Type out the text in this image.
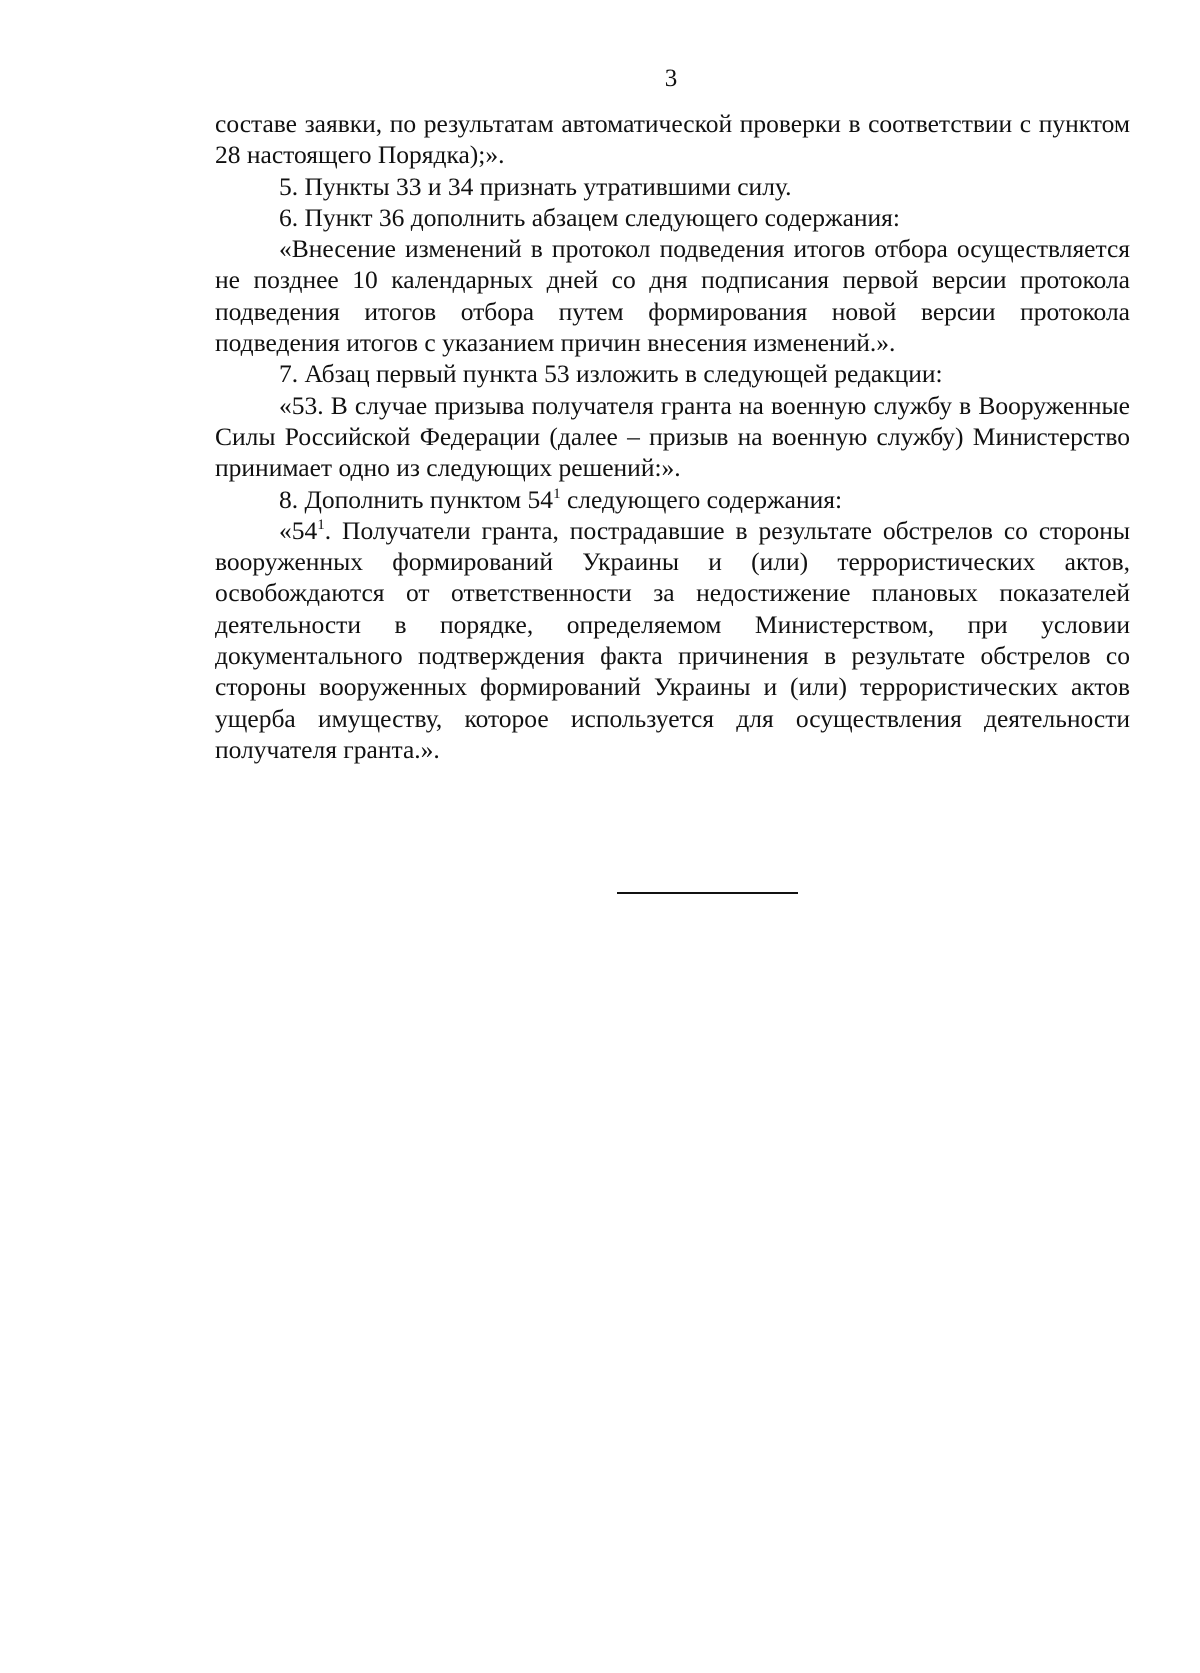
3

составе заявки, по результатам автоматической проверки в соответствии с пунктом 28 настоящего Порядка);».

5. Пункты 33 и 34 признать утратившими силу.

6. Пункт 36 дополнить абзацем следующего содержания:

«Внесение изменений в протокол подведения итогов отбора осуществляется не позднее 10 календарных дней со дня подписания первой версии протокола подведения итогов отбора путем формирования новой версии протокола подведения итогов с указанием причин внесения изменений.».

7. Абзац первый пункта 53 изложить в следующей редакции:

«53. В случае призыва получателя гранта на военную службу в Вооруженные Силы Российской Федерации (далее – призыв на военную службу) Министерство принимает одно из следующих решений:».

8. Дополнить пунктом $54^1$ следующего содержания:

«$54^1$. Получатели гранта, пострадавшие в результате обстрелов со стороны вооруженных формирований Украины и (или) террористических актов, освобождаются от ответственности за недостижение плановых показателей деятельности в порядке, определяемом Министерством, при условии документального подтверждения факта причинения в результате обстрелов со стороны вооруженных формирований Украины и (или) террористических актов ущерба имуществу, которое используется для осуществления деятельности получателя гранта.».
